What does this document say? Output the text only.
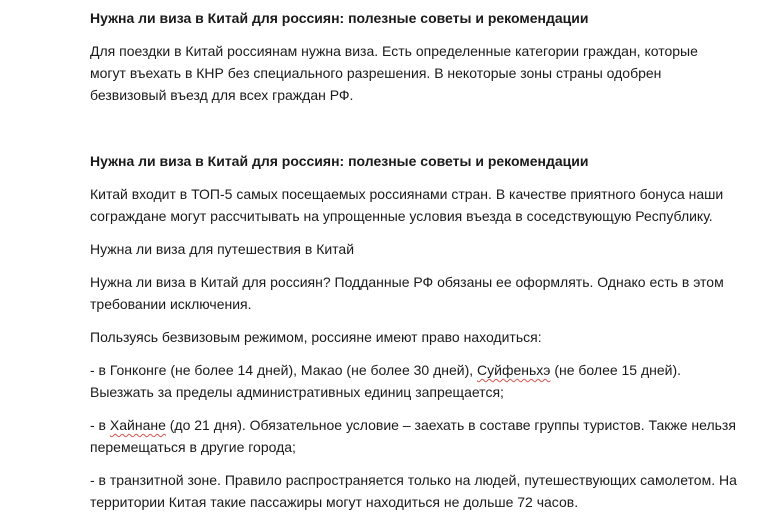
Нужна ли виза в Китай для россиян: полезные советы и рекомендации

Для поездки в Китай россиянам нужна виза. Есть определенные категории граждан, которые

могут въехать в КНР без специального разрешения. В некоторые зоны страны одобрен

безвизовый въезд для всех граждан РФ.

Нужна ли виза в Китай для россиян: полезные советы и рекомендации

Китай входит в ТОП-5 самых посещаемых россиянами стран. В качестве приятного бонуса наши

сограждане могут рассчитывать на упрощенные условия въезда в соседствующую Республику.

Нужна ли виза для путешествия в Китай

Нужна ли виза в Китай для россиян? Подданные РФ обязаны ее оформлять. Однако есть в этом

требовании исключения.

Пользуясь безвизовым режимом, россияне имеют право находиться:

- в Гонконге (не более 14 дней), Макао (не более 30 дней), Суйфеньхэ (не более 15 дней).

Выезжать за пределы административных единиц запрещается;

- в Хайнане (до 21 дня). Обязательное условие – заехать в составе группы туристов. Также нельзя

перемещаться в другие города;

- в транзитной зоне. Правило распространяется только на людей, путешествующих самолетом. На

территории Китая такие пассажиры могут находиться не дольше 72 часов.
